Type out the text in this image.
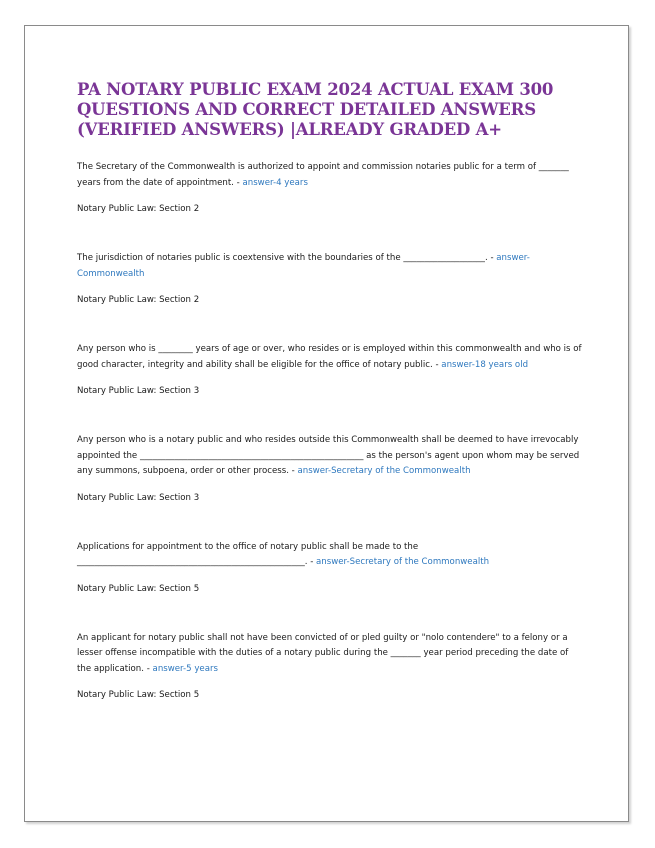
PA NOTARY PUBLIC EXAM 2024 ACTUAL EXAM 300 QUESTIONS AND CORRECT DETAILED ANSWERS (VERIFIED ANSWERS) |ALREADY GRADED A+

The Secretary of the Commonwealth is authorized to appoint and commission notaries public for a term of _______ years from the date of appointment. - answer-4 years

Notary Public Law: Section 2

The jurisdiction of notaries public is coextensive with the boundaries of the ___________________. - answer-Commonwealth

Notary Public Law: Section 2

Any person who is ________ years of age or over, who resides or is employed within this commonwealth and who is of good character, integrity and ability shall be eligible for the office of notary public. - answer-18 years old

Notary Public Law: Section 3

Any person who is a notary public and who resides outside this Commonwealth shall be deemed to have irrevocably appointed the ____________________________________________________ as the person's agent upon whom may be served any summons, subpoena, order or other process. - answer-Secretary of the Commonwealth

Notary Public Law: Section 3

Applications for appointment to the office of notary public shall be made to the _____________________________________________________. - answer-Secretary of the Commonwealth

Notary Public Law: Section 5

An applicant for notary public shall not have been convicted of or pled guilty or "nolo contendere" to a felony or a lesser offense incompatible with the duties of a notary public during the _______ year period preceding the date of the application. - answer-5 years

Notary Public Law: Section 5
